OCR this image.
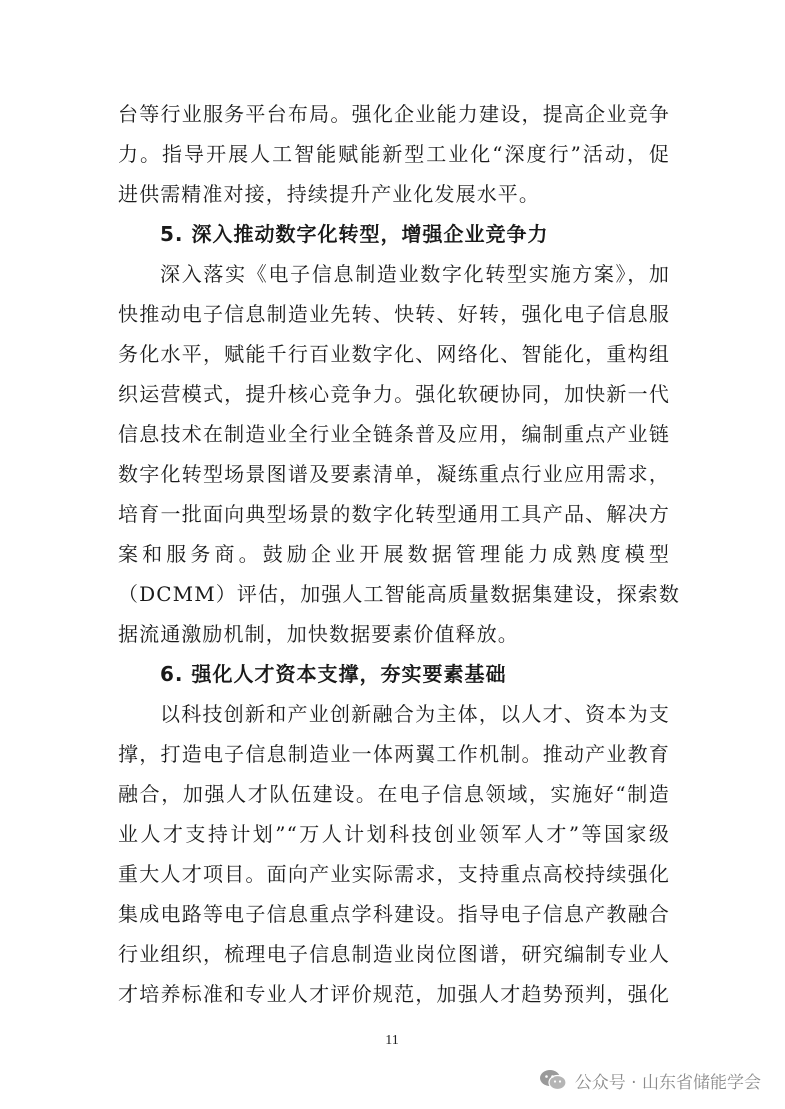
台等行业服务平台布局。强化企业能力建设，提高企业竞争
力。指导开展人工智能赋能新型工业化“深度行”活动，促
进供需精准对接，持续提升产业化发展水平。
5. 深入推动数字化转型，增强企业竞争力
深入落实《电子信息制造业数字化转型实施方案》，加
快推动电子信息制造业先转、快转、好转，强化电子信息服
务化水平，赋能千行百业数字化、网络化、智能化，重构组
织运营模式，提升核心竞争力。强化软硬协同，加快新一代
信息技术在制造业全行业全链条普及应用，编制重点产业链
数字化转型场景图谱及要素清单，凝练重点行业应用需求，
培育一批面向典型场景的数字化转型通用工具产品、解决方
案和服务商。鼓励企业开展数据管理能力成熟度模型
（DCMM）评估，加强人工智能高质量数据集建设，探索数
据流通激励机制，加快数据要素价值释放。
6. 强化人才资本支撑，夯实要素基础
以科技创新和产业创新融合为主体，以人才、资本为支
撑，打造电子信息制造业一体两翼工作机制。推动产业教育
融合，加强人才队伍建设。在电子信息领域，实施好“制造
业人才支持计划”“万人计划科技创业领军人才”等国家级
重大人才项目。面向产业实际需求，支持重点高校持续强化
集成电路等电子信息重点学科建设。指导电子信息产教融合
行业组织，梳理电子信息制造业岗位图谱，研究编制专业人
才培养标准和专业人才评价规范，加强人才趋势预判，强化
11
公众号 · 山东省储能学会
